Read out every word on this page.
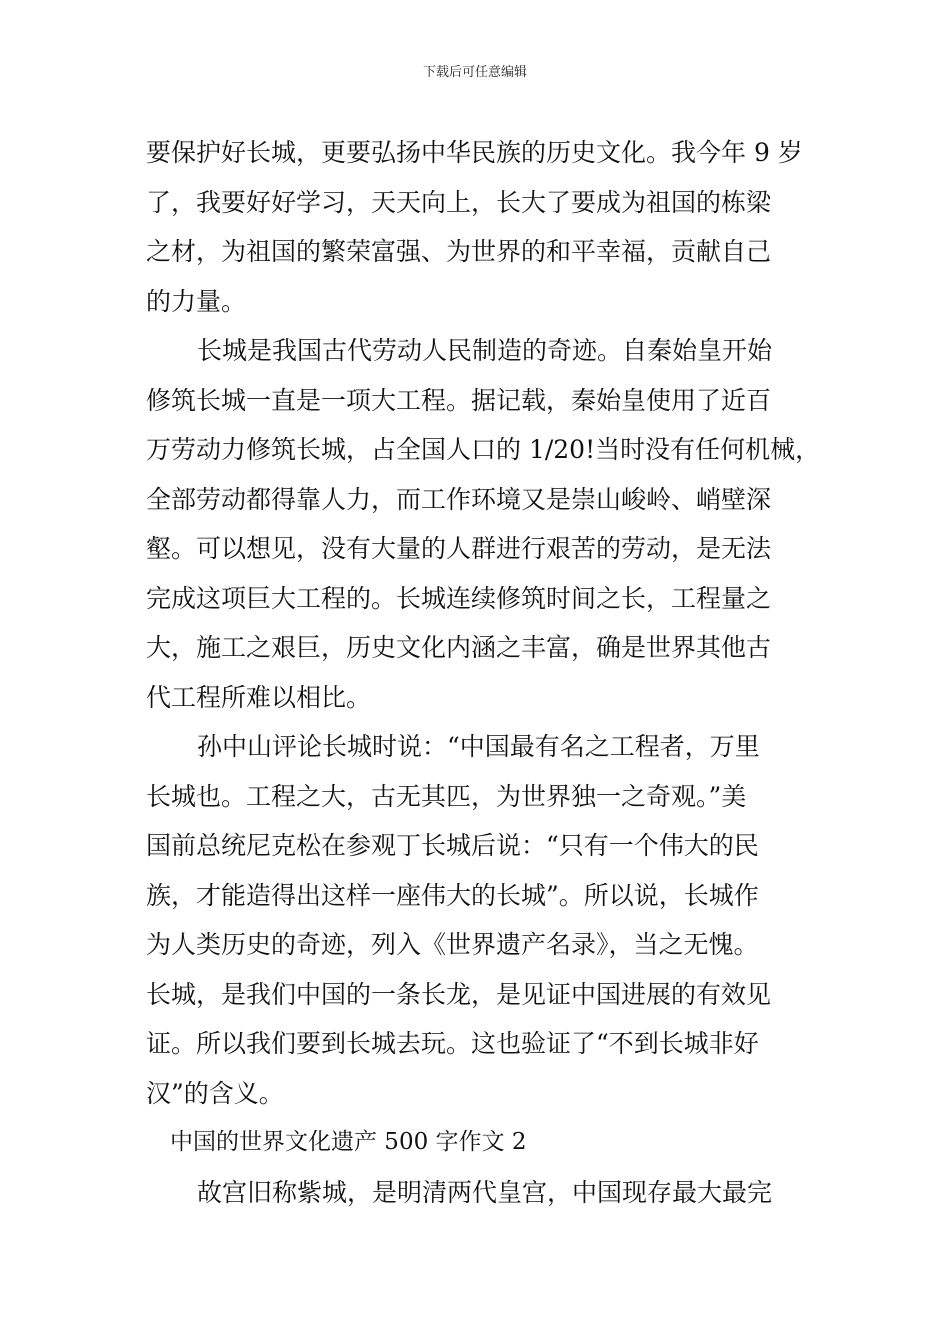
下载后可任意编辑
要保护好长城，更要弘扬中华民族的历史文化。我今年 9 岁
了，我要好好学习，天天向上，长大了要成为祖国的栋梁
之材，为祖国的繁荣富强、为世界的和平幸福，贡献自己
的力量。
长城是我国古代劳动人民制造的奇迹。自秦始皇开始
修筑长城一直是一项大工程。据记载，秦始皇使用了近百
万劳动力修筑长城，占全国人口的 1/20!当时没有任何机械，
全部劳动都得靠人力，而工作环境又是崇山峻岭、峭壁深
壑。可以想见，没有大量的人群进行艰苦的劳动，是无法
完成这项巨大工程的。长城连续修筑时间之长，工程量之
大，施工之艰巨，历史文化内涵之丰富，确是世界其他古
代工程所难以相比。
孙中山评论长城时说：“中国最有名之工程者，万里
长城也。工程之大，古无其匹，为世界独一之奇观。”美
国前总统尼克松在参观丁长城后说：“只有一个伟大的民
族，才能造得出这样一座伟大的长城”。所以说，长城作
为人类历史的奇迹，列入《世界遗产名录》，当之无愧。
长城，是我们中国的一条长龙，是见证中国进展的有效见
证。所以我们要到长城去玩。这也验证了“不到长城非好
汉”的含义。
中国的世界文化遗产 500 字作文 2
故宫旧称紫城，是明清两代皇宫，中国现存最大最完
